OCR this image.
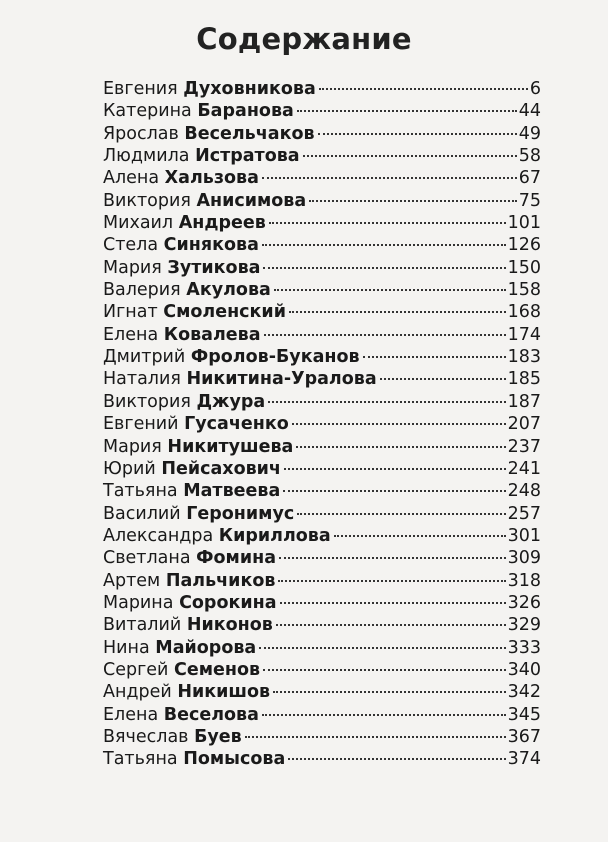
Содержание
Евгения Духовникова	6
Катерина Баранова	44
Ярослав Весельчаков	49
Людмила Истратова	58
Алена Хальзова	67
Виктория Анисимова	75
Михаил Андреев	101
Стела Синякова	126
Мария Зутикова	150
Валерия Акулова	158
Игнат Смоленский	168
Елена Ковалева	174
Дмитрий Фролов-Буканов	183
Наталия Никитина-Уралова	185
Виктория Джура	187
Евгений Гусаченко	207
Мария Никитушева	237
Юрий Пейсахович	241
Татьяна Матвеева	248
Василий Геронимус	257
Александра Кириллова	301
Светлана Фомина	309
Артем Пальчиков	318
Марина Сорокина	326
Виталий Никонов	329
Нина Майорова	333
Сергей Семенов	340
Андрей Никишов	342
Елена Веселова	345
Вячеслав Буев	367
Татьяна Помысова	374
